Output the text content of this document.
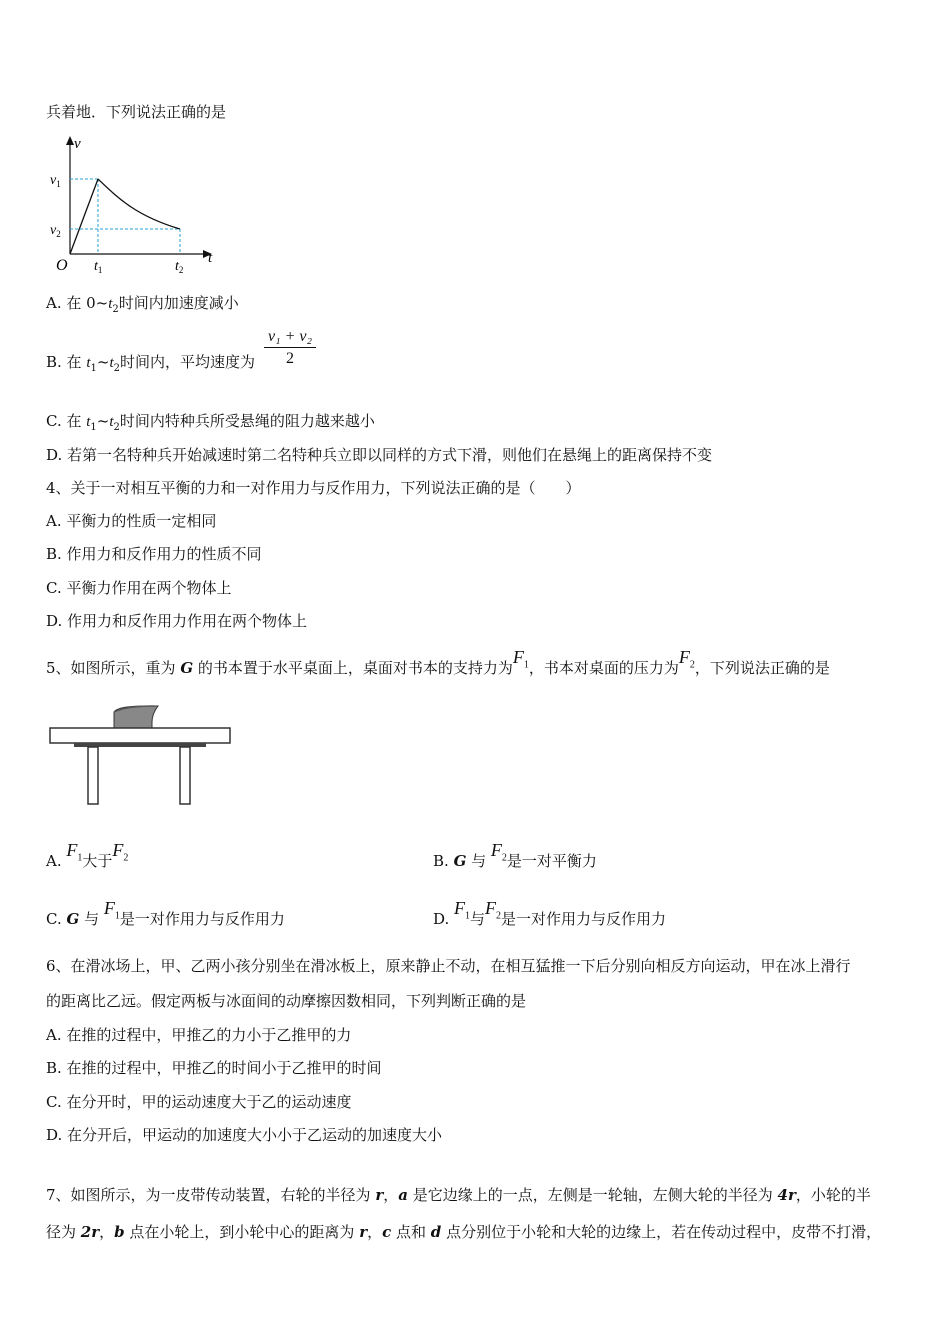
兵着地．下列说法正确的是
v
t
O
$v_1$
$v_2$
$t_1$	$t_2$
A. 在 $0\sim t_2$时间内加速度减小
B. 在 $t_1\sim t_2$时间内，平均速度为 $\frac{\text{v₁ + v₂}}{2}$
C. 在 $t_1\sim t_2$时间内特种兵所受悬绳的阻力越来越小
D. 若第一名特种兵开始减速时第二名特种兵立即以同样的方式下滑，则他们在悬绳上的距离保持不变
4、关于一对相互平衡的力和一对作用力与反作用力，下列说法正确的是（　　）
A. 平衡力的性质一定相同
B. 作用力和反作用力的性质不同
C. 平衡力作用在两个物体上
D. 作用力和反作用力作用在两个物体上
5、如图所示，重为 G 的书本置于水平桌面上，桌面对书本的支持力为$F_1$，书本对桌面的压力为$F_2$，下列说法正确的是
A. $F_1$大于$F_2$	B. G 与 $F_2$是一对平衡力
C. G 与 $F_1$是一对作用力与反作用力	D. $F_1$与$F_2$是一对作用力与反作用力
6、在滑冰场上，甲、乙两小孩分别坐在滑冰板上，原来静止不动，在相互猛推一下后分别向相反方向运动，甲在冰上滑行
的距离比乙远。假定两板与冰面间的动摩擦因数相同，下列判断正确的是
A. 在推的过程中，甲推乙的力小于乙推甲的力
B. 在推的过程中，甲推乙的时间小于乙推甲的时间
C. 在分开时，甲的运动速度大于乙的运动速度
D. 在分开后，甲运动的加速度大小小于乙运动的加速度大小
7、如图所示，为一皮带传动装置，右轮的半径为 r，a 是它边缘上的一点，左侧是一轮轴，左侧大轮的半径为 4r，小轮的半
径为 2r，b 点在小轮上，到小轮中心的距离为 r，c 点和 d 点分别位于小轮和大轮的边缘上，若在传动过程中，皮带不打滑，
